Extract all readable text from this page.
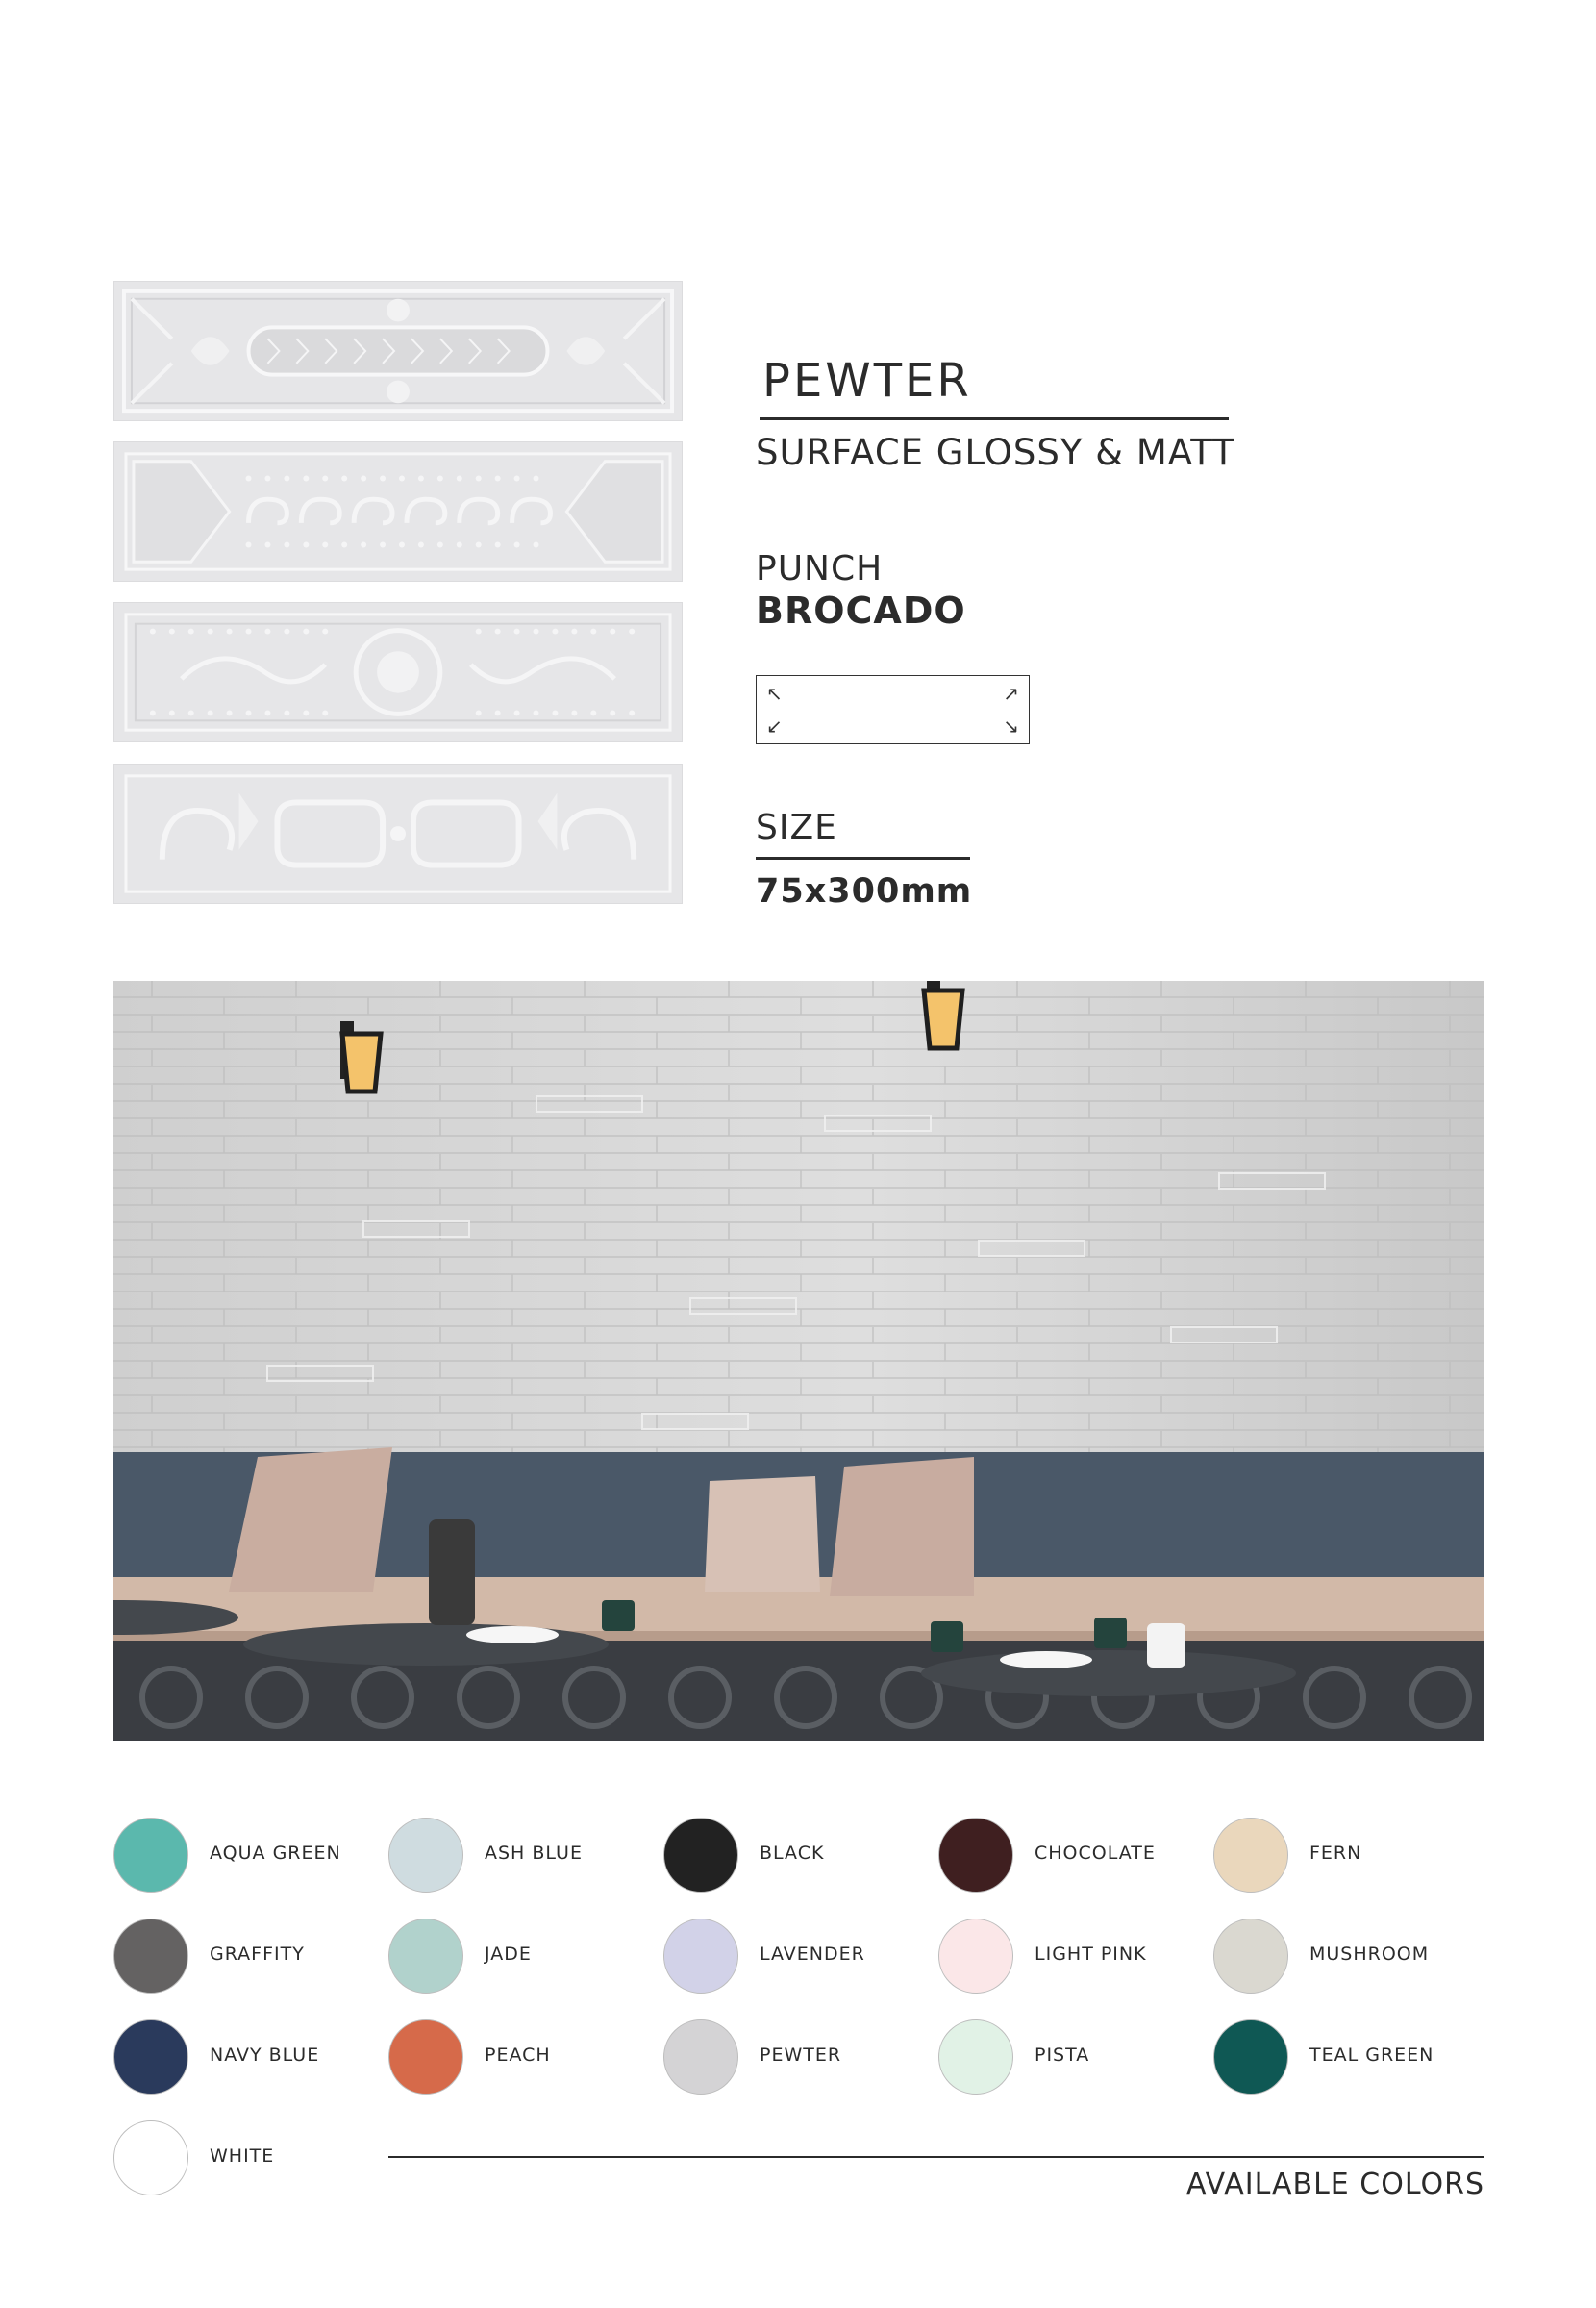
PEWTER
SURFACE GLOSSY & MATT
PUNCH
BROCADO
↖	↗
↙	↘
SIZE
75x300mm
AQUA GREEN	ASH BLUE	BLACK	CHOCOLATE	FERN
GRAFFITY	JADE	LAVENDER	LIGHT PINK	MUSHROOM
NAVY BLUE	PEACH	PEWTER	PISTA	TEAL GREEN
WHITE
AVAILABLE COLORS
